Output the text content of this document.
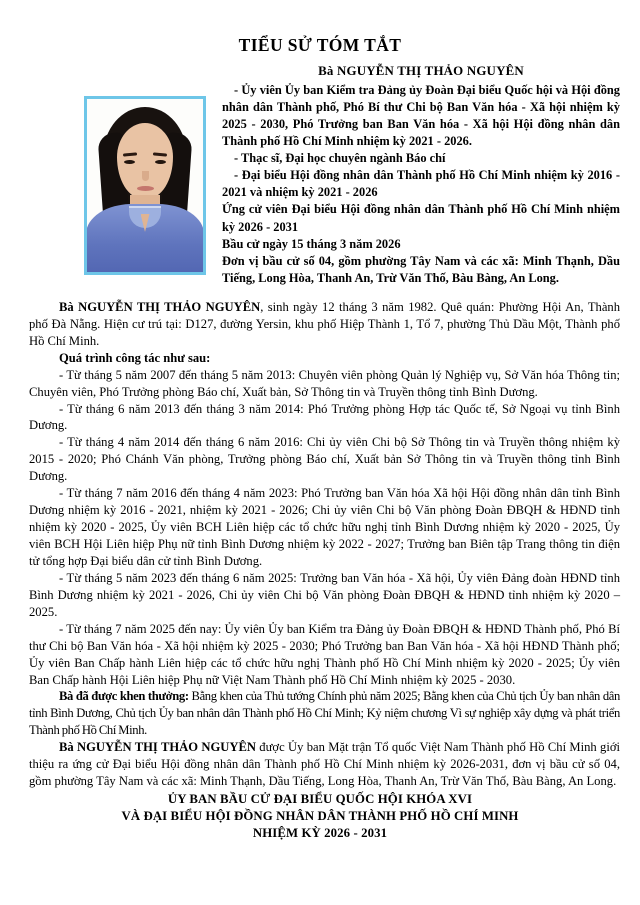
TIỂU SỬ TÓM TẮT
Bà NGUYỄN THỊ THẢO NGUYÊN

- Ủy viên Ủy ban Kiểm tra Đảng ủy Đoàn Đại biểu Quốc hội và Hội đồng nhân dân Thành phố, Phó Bí thư Chi bộ Ban Văn hóa - Xã hội nhiệm kỳ 2025 - 2030, Phó Trưởng ban Ban Văn hóa - Xã hội Hội đồng nhân dân Thành phố Hồ Chí Minh nhiệm kỳ 2021 - 2026.

- Thạc sĩ, Đại học chuyên ngành Báo chí

- Đại biểu Hội đồng nhân dân Thành phố Hồ Chí Minh nhiệm kỳ 2016 - 2021 và nhiệm kỳ 2021 - 2026

Ứng cử viên Đại biểu Hội đồng nhân dân Thành phố Hồ Chí Minh nhiệm kỳ 2026 - 2031

Bầu cử ngày 15 tháng 3 năm 2026

Đơn vị bầu cử số 04, gồm phường Tây Nam và các xã: Minh Thạnh, Dầu Tiếng, Long Hòa, Thanh An, Trừ Văn Thố, Bàu Bàng, An Long.

Bà NGUYỄN THỊ THẢO NGUYÊN, sinh ngày 12 tháng 3 năm 1982. Quê quán: Phường Hội An, Thành phố Đà Nẵng. Hiện cư trú tại: D127, đường Yersin, khu phố Hiệp Thành 1, Tổ 7, phường Thủ Dầu Một, Thành phố Hồ Chí Minh.

Quá trình công tác như sau:

- Từ tháng 5 năm 2007 đến tháng 5 năm 2013: Chuyên viên phòng Quản lý Nghiệp vụ, Sở Văn hóa Thông tin; Chuyên viên, Phó Trưởng phòng Báo chí, Xuất bản, Sở Thông tin và Truyền thông tỉnh Bình Dương.

- Từ tháng 6 năm 2013 đến tháng 3 năm 2014: Phó Trưởng phòng Hợp tác Quốc tế, Sở Ngoại vụ tỉnh Bình Dương.

- Từ tháng 4 năm 2014 đến tháng 6 năm 2016: Chi ủy viên Chi bộ Sở Thông tin và Truyền thông nhiệm kỳ 2015 - 2020; Phó Chánh Văn phòng, Trưởng phòng Báo chí, Xuất bản Sở Thông tin và Truyền thông tỉnh Bình Dương.

- Từ tháng 7 năm 2016 đến tháng 4 năm 2023: Phó Trưởng ban Văn hóa Xã hội Hội đồng nhân dân tỉnh Bình Dương nhiệm kỳ 2016 - 2021, nhiệm kỳ 2021 - 2026; Chi ủy viên Chi bộ Văn phòng Đoàn ĐBQH & HĐND tỉnh nhiệm kỳ 2020 - 2025, Ủy viên BCH Liên hiệp các tổ chức hữu nghị tỉnh Bình Dương nhiệm kỳ 2020 - 2025, Ủy viên BCH Hội Liên hiệp Phụ nữ tỉnh Bình Dương nhiệm kỳ 2022 - 2027; Trưởng ban Biên tập Trang thông tin điện tử tổng hợp Đại biểu dân cử tỉnh Bình Dương.

- Từ tháng 5 năm 2023 đến tháng 6 năm 2025: Trưởng ban Văn hóa - Xã hội, Ủy viên Đảng đoàn HĐND tỉnh Bình Dương nhiệm kỳ 2021 - 2026, Chi ủy viên Chi bộ Văn phòng Đoàn ĐBQH & HĐND tỉnh nhiệm kỳ 2020 – 2025.

- Từ tháng 7 năm 2025 đến nay: Ủy viên Ủy ban Kiểm tra Đảng ủy Đoàn ĐBQH & HĐND Thành phố, Phó Bí thư Chi bộ Ban Văn hóa - Xã hội nhiệm kỳ 2025 - 2030; Phó Trưởng ban Ban Văn hóa - Xã hội HĐND Thành phố; Ủy viên Ban Chấp hành Liên hiệp các tổ chức hữu nghị Thành phố Hồ Chí Minh nhiệm kỳ 2020 - 2025; Ủy viên Ban Chấp hành Hội Liên hiệp Phụ nữ Việt Nam Thành phố Hồ Chí Minh nhiệm kỳ 2025 - 2030.

Bà đã được khen thưởng: Bằng khen của Thủ tướng Chính phủ năm 2025; Bằng khen của Chủ tịch Ủy ban nhân dân tỉnh Bình Dương, Chủ tịch Ủy ban nhân dân Thành phố Hồ Chí Minh; Kỷ niệm chương Vì sự nghiệp xây dựng và phát triển Thành phố Hồ Chí Minh.

Bà NGUYỄN THỊ THẢO NGUYÊN được Ủy ban Mặt trận Tổ quốc Việt Nam Thành phố Hồ Chí Minh giới thiệu ra ứng cử Đại biểu Hội đồng nhân dân Thành phố Hồ Chí Minh nhiệm kỳ 2026-2031, đơn vị bầu cử số 04, gồm phường Tây Nam và các xã: Minh Thạnh, Dầu Tiếng, Long Hòa, Thanh An, Trừ Văn Thố, Bàu Bàng, An Long.

ỦY BAN BẦU CỬ ĐẠI BIỂU QUỐC HỘI KHÓA XVI
VÀ ĐẠI BIỂU HỘI ĐỒNG NHÂN DÂN THÀNH PHỐ HỒ CHÍ MINH
NHIỆM KỲ 2026 - 2031
